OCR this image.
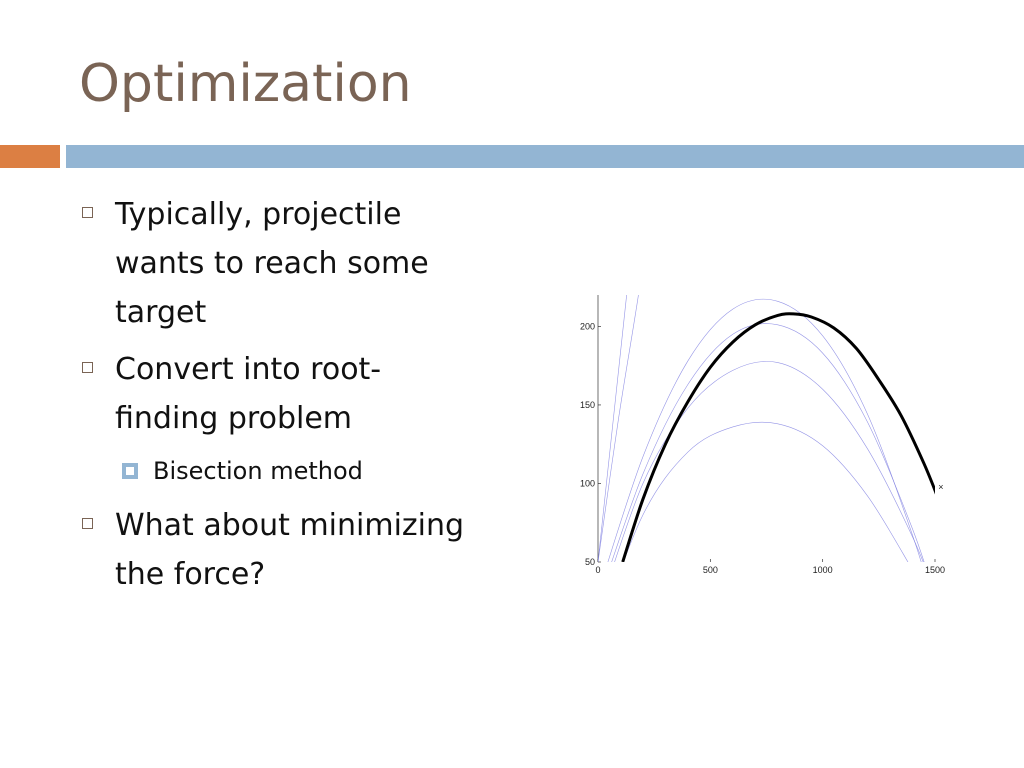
Optimization
Typically, projectile wants to reach some target
Convert into root-finding problem
Bisection method
What about minimizing the force?	50
100
150
200
0	500	1000	1500
×
